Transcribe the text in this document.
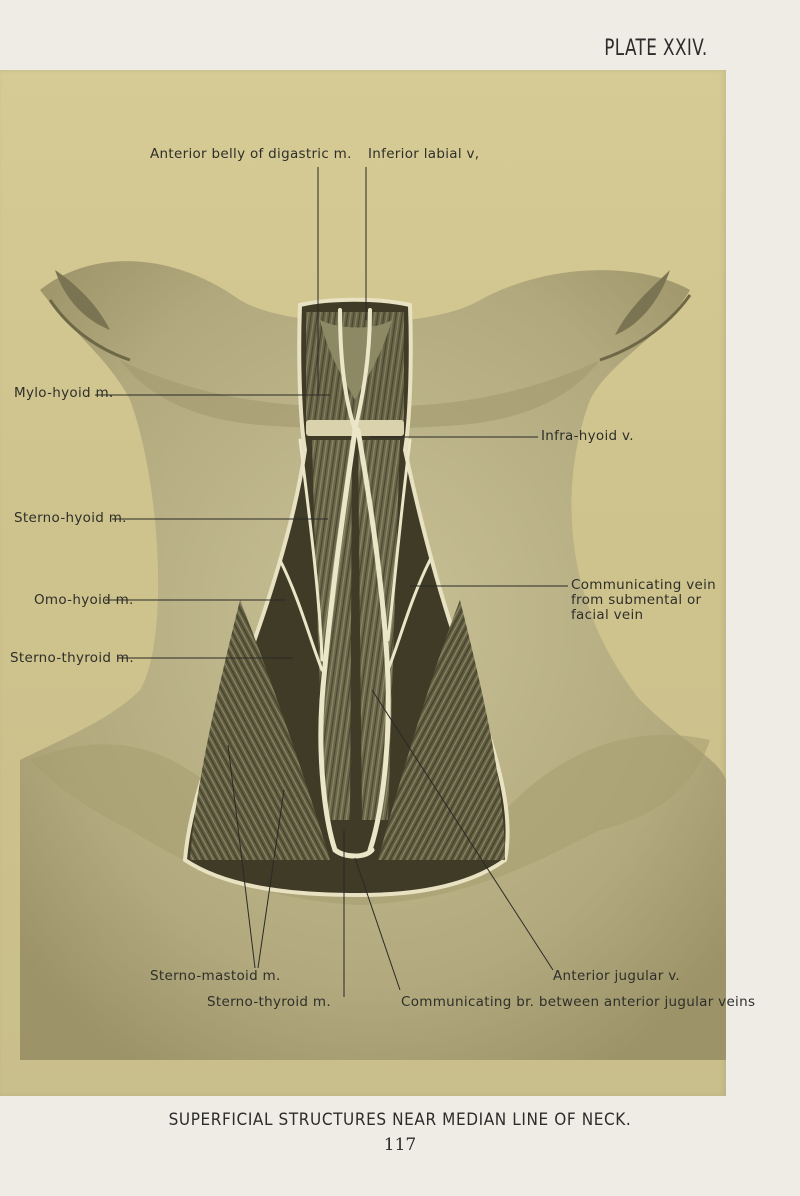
PLATE XXIV.
Anterior belly of digastric m. Inferior labial v,
Mylo-hyoid m.
Infra-hyoid v.
Sterno-hyoid m.
Omo-hyoid m.
Communicating vein from submental or facial vein
Sterno-thyroid m.
Sterno-mastoid m.	Anterior jugular v.
Sterno-thyroid m.	Communicating br. between anterior jugular veins
SUPERFICIAL STRUCTURES NEAR MEDIAN LINE OF NECK.
117
